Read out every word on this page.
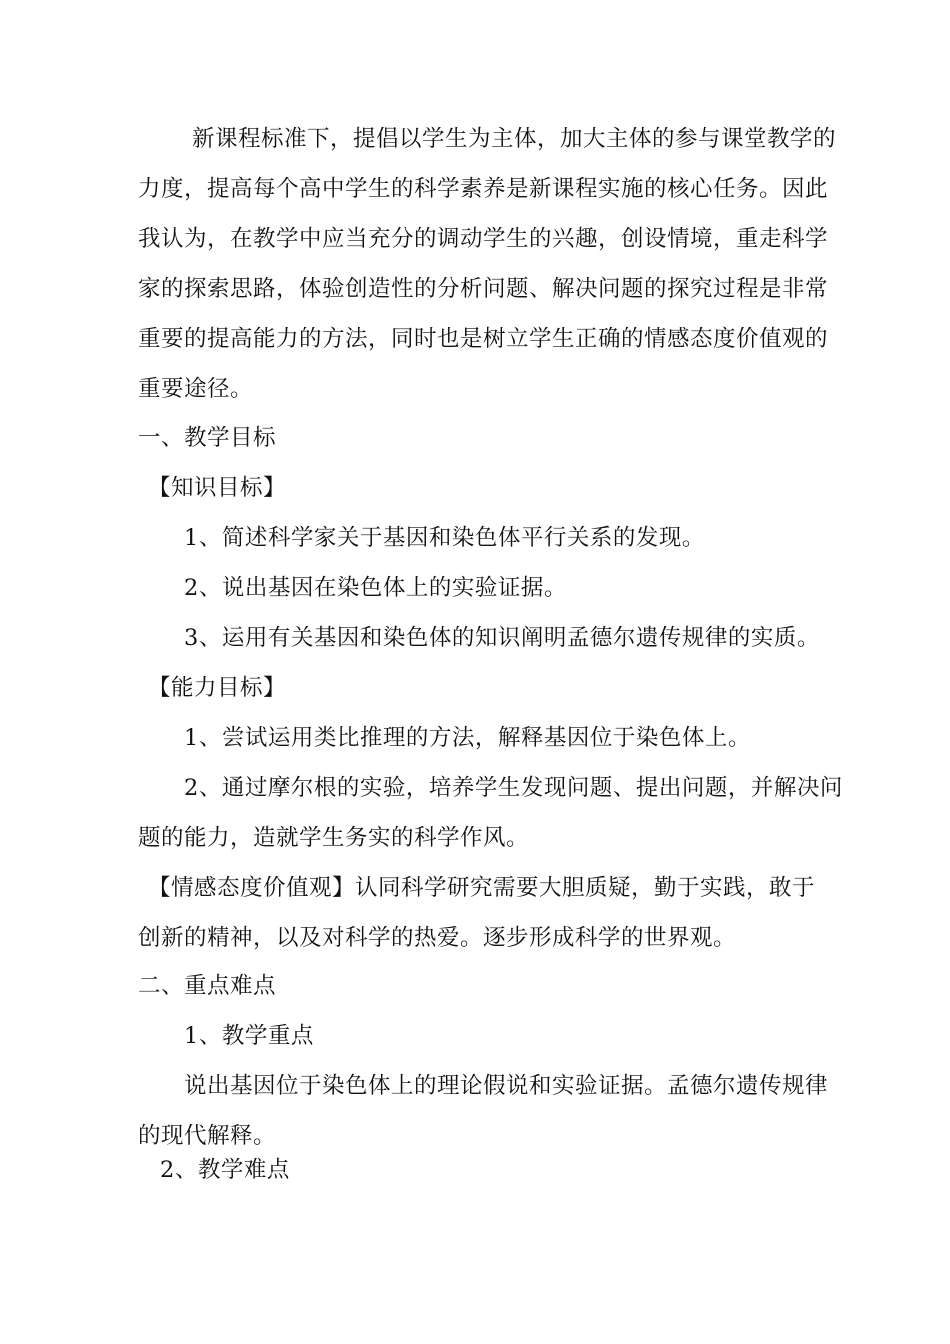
新课程标准下，提倡以学生为主体，加大主体的参与课堂教学的
力度，提高每个高中学生的科学素养是新课程实施的核心任务。因此
我认为，在教学中应当充分的调动学生的兴趣，创设情境，重走科学
家的探索思路，体验创造性的分析问题、解决问题的探究过程是非常
重要的提高能力的方法，同时也是树立学生正确的情感态度价值观的
重要途径。
一、教学目标
【知识目标】
1、简述科学家关于基因和染色体平行关系的发现。
2、说出基因在染色体上的实验证据。
3、运用有关基因和染色体的知识阐明孟德尔遗传规律的实质。
【能力目标】
1、尝试运用类比推理的方法，解释基因位于染色体上。
2、通过摩尔根的实验，培养学生发现问题、提出问题，并解决问
题的能力，造就学生务实的科学作风。
【情感态度价值观】认同科学研究需要大胆质疑，勤于实践，敢于
创新的精神，以及对科学的热爱。逐步形成科学的世界观。
二、重点难点
1、教学重点
说出基因位于染色体上的理论假说和实验证据。孟德尔遗传规律
的现代解释。
2、教学难点
